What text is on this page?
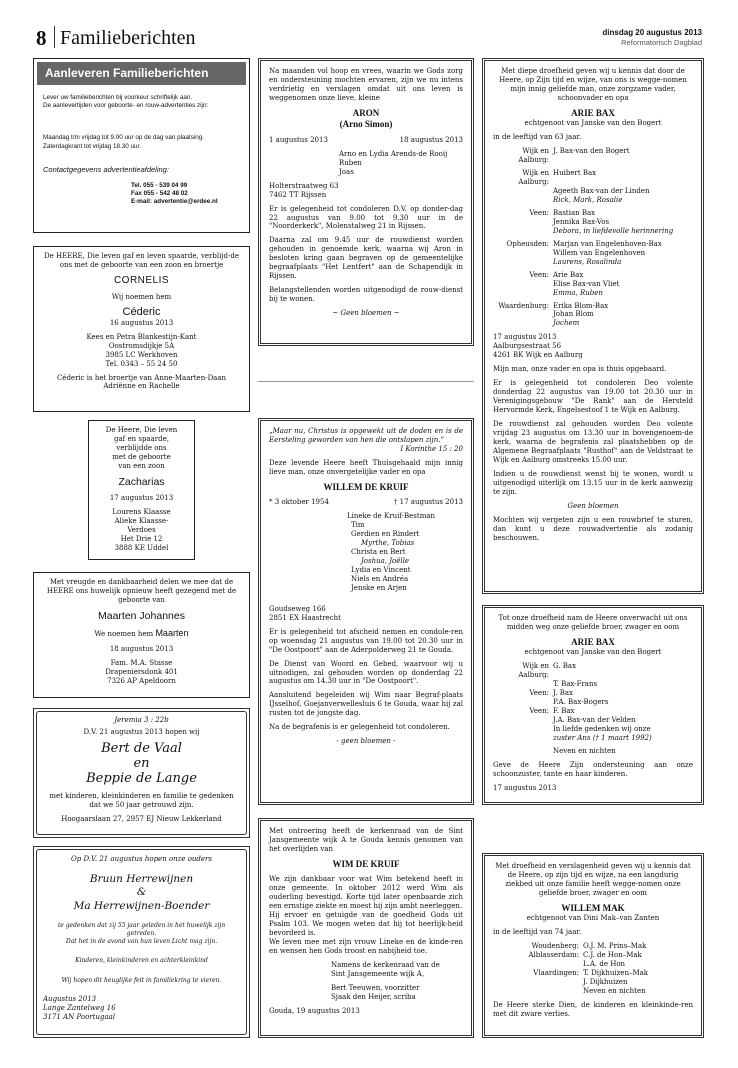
8 Familieberichten	dinsdag 20 augustus 2013
Reformatorisch Dagblad
Aanleveren Familieberichten

Lever uw familieberichten bij voorkeur schriftelijk aan.

De aanlevertijden voor geboorte- en rouw-advertenties zijn:

Maandag t/m vrijdag tot 9.00 uur op de dag van plaatsing.

Zaterdagkrant tot vrijdag 18.30 uur.

Contactgegevens advertentieafdeling:

Tel. 055 - 539 04 99

Fax 055 - 542 48 02

E-mail: advertentie@erdee.nl

De HEERE, Die leven gaf en leven spaarde, verblijd-de ons met de geboorte van een zoon en broertje

CORNELIS

Wij noemen hem

Céderic

16 augustus 2013

Kees en Petra Blankestijn-Kant

Oostromsdijkje 5A

3985 LC Werkhoven

Tel. 0343 – 55 24 50

Céderic is het broertje van Anne-Maarten-Daan Adriënne en Rachelle

De Heere, Die leven

gaf en spaarde,

verblijdde ons

met de geboorte

van een zoon

Zacharias

17 augustus 2013

Lourens Klaasse

Alieke Klaasse-

Verdoes

Het Drie 12

3888 KE Uddel

Met vreugde en dankbaarheid delen we mee dat de HEERE ons huwelijk opnieuw heeft gezegend met de geboorte van

Maarten Johannes

We noemen hem Maarten

18 augustus 2013

Fam. M.A. Stasse

Drapeniersdonk 401

7326 AP Apeldoorn

Jeremia 3 : 22b

D.V. 21 augustus 2013 hopen wij

Bert de Vaal

en

Beppie de Lange

met kinderen, kleinkinderen en familie te gedenken dat we 50 jaar getrouwd zijn.

Hoogaarslaan 27, 2957 EJ Nieuw Lekkerland

Op D.V. 21 augustus hopen onze ouders

Bruun Herrewijnen

&

Ma Herrewijnen-Boender

te gedenken dat zij 55 jaar geleden in het huwelijk zijn getreden.

Dat het in de avond van hun leven Licht mag zijn.

Kinderen, kleinkinderen en achterkleinkind

Wij hopen dit heuglijke feit in familiekring te vieren.

Augustus 2013

Lange Zantelweg 16

3171 AN Poortugaal

Na maanden vol hoop en vrees, waarin we Gods zorg en ondersteuning mochten ervaren, zijn we nu intens verdrietig en verslagen omdat uit ons leven is weggenomen onze lieve, kleine

ARON

(Arno Simon)

1 augustus 2013	18 augustus 2013

Arno en Lydia Arends-de Rooij

Ruben

Joas

Holterstraatweg 63

7462 TT Rijssen

Er is gelegenheid tot condoleren D.V. op donder-dag 22 augustus van 9.00 tot 9.30 uur in de "Noorderkerk", Molenstalweg 21 in Rijssen.

Daarna zal om 9.45 uur de rouwdienst worden gehouden in genoemde kerk, waarna wij Aron in besloten kring gaan begraven op de gemeentelijke begraafplaats "Het Lentfert" aan de Schapendijk in Rijssen.

Belangstellenden worden uitgenodigd de rouw-dienst bij te wonen.

~ Geen bloemen ~

„Maar nu, Christus is opgewekt uit de doden en is de Eersteling geworden van hen die ontslapen zijn.”

I Korinthe 15 : 20

Deze levende Heere heeft Thuisgehaald mijn innig lieve man, onze onvergetelijke vader en opa

WILLEM DE KRUIF

* 3 oktober 1954	† 17 augustus 2013

Lineke de Kruif-Bestman

Tim

Gerdien en Rindert

Myrthe, Tobias

Christa en Bert

Joshua, Joëlle

Lydia en Vincent

Niels en Andréa

Jenske en Arjen

Goudseweg 166

2851 EX Haastrecht

Er is gelegenheid tot afscheid nemen en condole-ren op woensdag 21 augustus van 19.00 tot 20.30 uur in "De Oostpoort" aan de Aderpolderweg 21 te Gouda.

De Dienst van Woord en Gebed, waarvoor wij u uitnodigen, zal gehouden worden op donderdag 22 augustus om 14.30 uur in "De Oostpoort".

Aansluitend begeleiden wij Wim naar Begraf-plaats IJsselhof, Goejanverwellesluis 6 te Gouda, waar hij zal rusten tot de jongste dag.

Na de begrafenis is er gelegenheid tot condoleren.

- geen bloemen -

Met ontroering heeft de kerkenraad van de Sint Jansgemeente wijk A te Gouda kennis genomen van het overlijden van

WIM DE KRUIF

We zijn dankbaar voor wat Wim betekend heeft in onze gemeente. In oktober 2012 werd Wim als ouderling bevestigd. Korte tijd later openbaarde zich een ernstige ziekte en moest hij zijn ambt neerleggen.

Hij ervoer en getuigde van de goedheid Gods uit Psalm 103. We mogen weten dat hij tot heerlijk-heid bevorderd is.

We leven mee met zijn vrouw Lineke en de kinde-ren en wensen hen Gods troost en nabijheid toe.

Namens de kerkenraad van de

Sint Jansgemeente wijk A,

Bert Teeuwen, voorzitter

Sjaak den Heijer, scriba

Gouda, 19 augustus 2013

Met diepe droefheid geven wij u kennis dat door de Heere, op Zijn tijd en wijze, van ons is wegge-nomen mijn innig geliefde man, onze zorgzame vader, schoonvader en opa

ARIE BAX

echtgenoot van Janske van den Bogert

in de leeftijd van 63 jaar.

Wijk en Aalburg:
J. Bax-van den Bogert
Wijk en Aalburg:
Huibert Bax
Ageeth Bax-van der Linden
Rick, Mark, Rosalie
Veen: Bastian Bax
Jennika Bax-Vos
Debora, in liefdevolle herinnering
Opheusden: Marjan van Engelenhoven-Bax
Willem van Engelenhoven
Laurens, Rosalinda
Veen: Arie Bax
Elise Bax-van Vliet
Emma, Ruben
Waardenburg: Erika Blom-Bax
Johan Blom
Jochem

17 augustus 2013

Aalburgsestraat 56

4261 BK Wijk en Aalburg

Mijn man, onze vader en opa is thuis opgebaard.

Er is gelegenheid tot condoleren Deo volente donderdag 22 augustus van 19.00 tot 20.30 uur in Verenigingsgebouw "De Rank" aan de Hersteld Hervormde Kerk, Engelsestoof 1 te Wijk en Aalburg.

De rouwdienst zal gehouden worden Deo volente vrijdag 23 augustus om 13.30 uur in bovengenoem-de kerk, waarna de begrafenis zal plaatshebben op de Algemene Begraafplaats "Rusthof" aan de Veldstraat te Wijk en Aalburg omstreeks 15.00 uur.

Indien u de rouwdienst wenst bij te wonen, wordt u uitgenodigd uiterlijk om 13.15 uur in de kerk aanwezig te zijn.

Geen bloemen

Mochten wij vergeten zijn u een rouwbrief te sturen, dan kunt u deze rouwadvertentie als zodanig beschouwen.

Tot onze droefheid nam de Heere onverwacht uit ons midden weg onze geliefde broer, zwager en oom

ARIE BAX

echtgenoot van Janske van den Bogert

Wijk en Aalburg:
G. Bax
T. Bax-Frans
Veen: J. Bax
P.A. Bax-Bogers
Veen: F. Bax
J.A. Bax-van der Velden
In liefde gedenken wij onze
zuster Ans († 1 maart 1992)
Neven en nichten

Geve de Heere Zijn ondersteuning aan onze schoonzuster, tante en haar kinderen.

17 augustus 2013

Met droefheid en verslagenheid geven wij u kennis dat de Heere, op zijn tijd en wijze, na een langdurig ziekbed uit onze familie heeft wegge-nomen onze geliefde broer, zwager en oom

WILLEM MAK

echtgenoot van Dini Mak–van Zanten

in de leeftijd van 74 jaar.

Woudenberg: O.J. M. Prins–Mak
Alblasserdam: C.J. de Hon–Mak
L.A. de Hon
Vlaardingen: T. Dijkhuizen–Mak
J. Dijkhuizen
Neven en nichten

De Heere sterke Dien, de kinderen en kleinkinde-ren met dit zware verlies.
